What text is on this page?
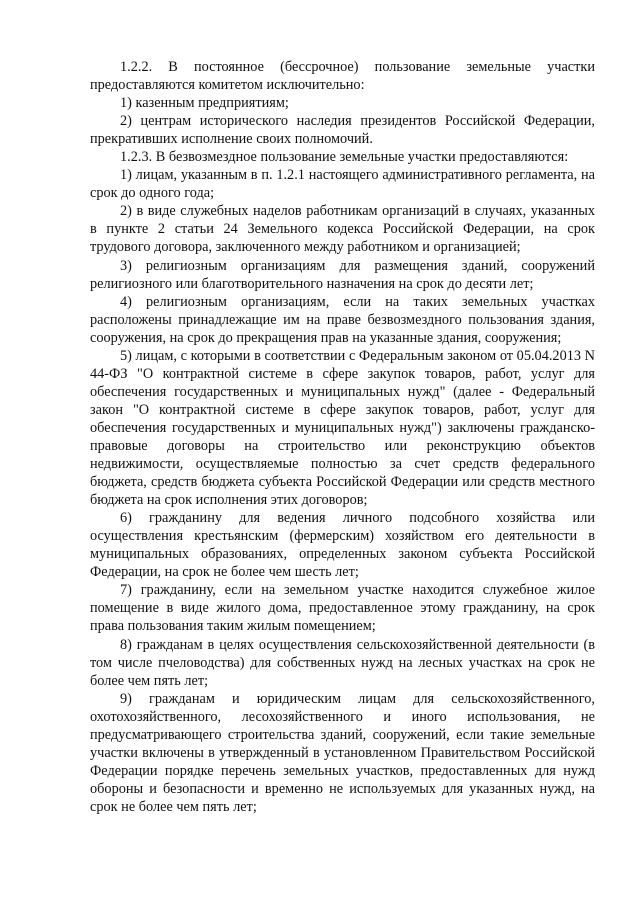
1.2.2. В постоянное (бессрочное) пользование земельные участки предоставляются комитетом исключительно:

1) казенным предприятиям;

2) центрам исторического наследия президентов Российской Федерации, прекративших исполнение своих полномочий.

1.2.3. В безвозмездное пользование земельные участки предоставляются:

1) лицам, указанным в п. 1.2.1 настоящего административного регламента, на срок до одного года;

2) в виде служебных наделов работникам организаций в случаях, указанных в пункте 2 статьи 24 Земельного кодекса Российской Федерации, на срок трудового договора, заключенного между работником и организацией;

3) религиозным организациям для размещения зданий, сооружений религиозного или благотворительного назначения на срок до десяти лет;

4) религиозным организациям, если на таких земельных участках расположены принадлежащие им на праве безвозмездного пользования здания, сооружения, на срок до прекращения прав на указанные здания, сооружения;

5) лицам, с которыми в соответствии с Федеральным законом от 05.04.2013 N 44-ФЗ "О контрактной системе в сфере закупок товаров, работ, услуг для обеспечения государственных и муниципальных нужд" (далее - Федеральный закон "О контрактной системе в сфере закупок товаров, работ, услуг для обеспечения государственных и муниципальных нужд") заключены гражданско-правовые договоры на строительство или реконструкцию объектов недвижимости, осуществляемые полностью за счет средств федерального бюджета, средств бюджета субъекта Российской Федерации или средств местного бюджета на срок исполнения этих договоров;

6) гражданину для ведения личного подсобного хозяйства или осуществления крестьянским (фермерским) хозяйством его деятельности в муниципальных образованиях, определенных законом субъекта Российской Федерации, на срок не более чем шесть лет;

7) гражданину, если на земельном участке находится служебное жилое помещение в виде жилого дома, предоставленное этому гражданину, на срок права пользования таким жилым помещением;

8) гражданам в целях осуществления сельскохозяйственной деятельности (в том числе пчеловодства) для собственных нужд на лесных участках на срок не более чем пять лет;

9) гражданам и юридическим лицам для сельскохозяйственного, охотохозяйственного, лесохозяйственного и иного использования, не предусматривающего строительства зданий, сооружений, если такие земельные участки включены в утвержденный в установленном Правительством Российской Федерации порядке перечень земельных участков, предоставленных для нужд обороны и безопасности и временно не используемых для указанных нужд, на срок не более чем пять лет;
